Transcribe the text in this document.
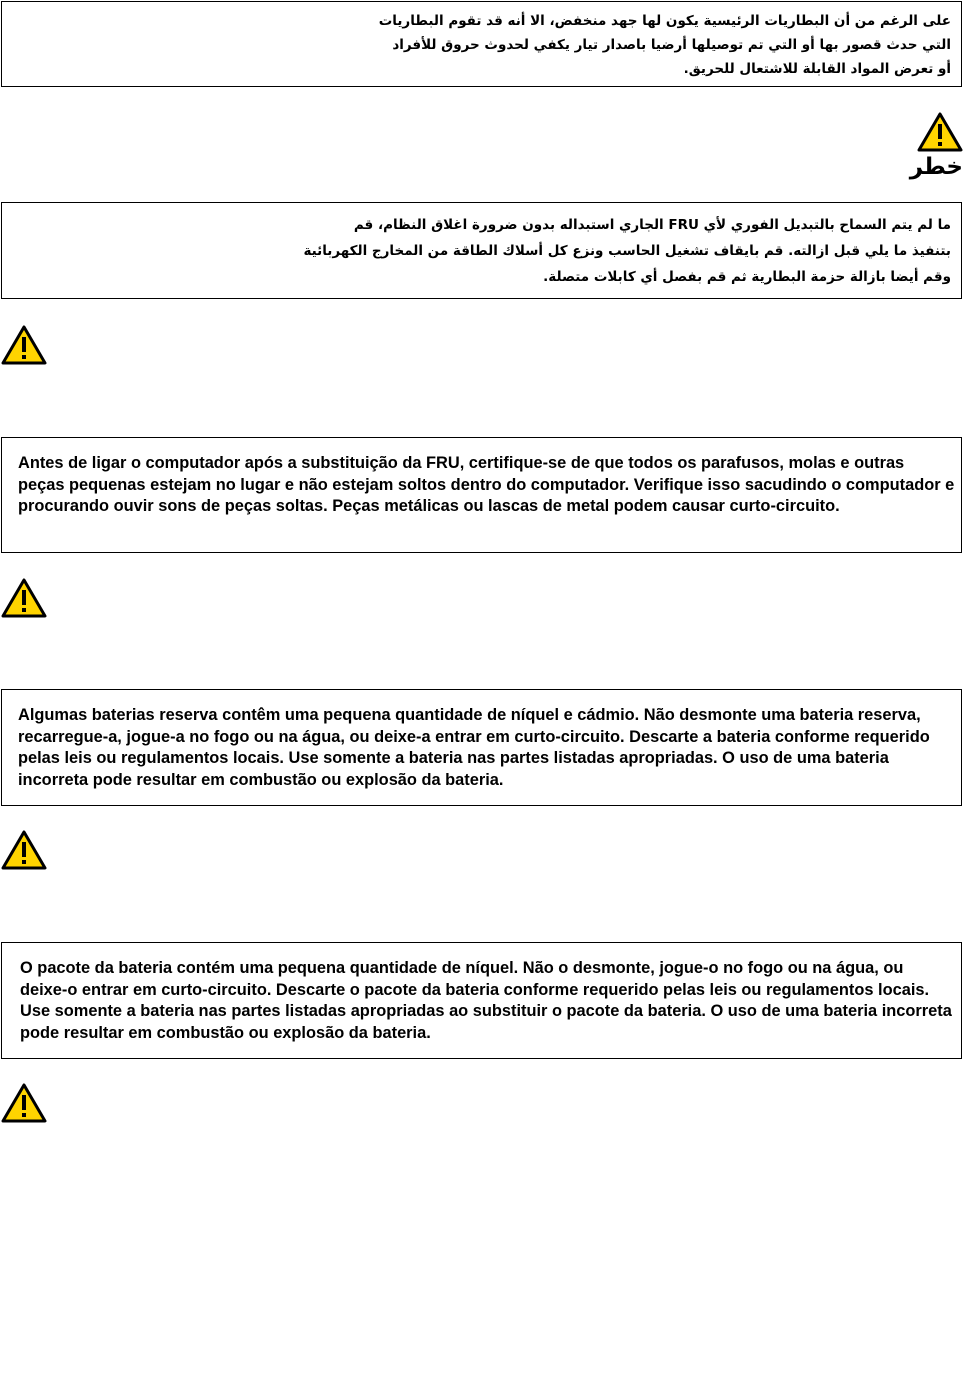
على الرغم من أن البطاريات الرئيسية يكون لها جهد منخفض، الا أنه قد تقوم البطاريات

التي حدث قصور بها أو التي تم توصيلها أرضيا باصدار تيار يكفي لحدوث حروق للأفراد

أو تعرض المواد القابلة للاشتعال للحريق.

خطر

ما لم يتم السماح بالتبديل الفوري لأي FRU الجاري استبداله بدون ضرورة اغلاق النظام، قم

بتنفيذ ما يلي قبل ازالته. قم بايقاف تشغيل الحاسب ونزع كل أسلاك الطاقة من المخارج الكهربائية

وقم أيضا بازالة حزمة البطارية ثم قم بفصل أي كابلات متصلة.

Antes de ligar o computador após a substituição da FRU, certifique-se de que todos os parafusos, molas e outras peças pequenas estejam no lugar e não estejam soltos dentro do computador. Verifique isso sacudindo o computador e procurando ouvir sons de peças soltas. Peças metálicas ou lascas de metal podem causar curto-circuito.

Algumas baterias reserva contêm uma pequena quantidade de níquel e cádmio. Não desmonte uma bateria reserva, recarregue-a, jogue-a no fogo ou na água, ou deixe-a entrar em curto-circuito. Descarte a bateria conforme requerido pelas leis ou regulamentos locais. Use somente a bateria nas partes listadas apropriadas. O uso de uma bateria incorreta pode resultar em combustão ou explosão da bateria.

O pacote da bateria contém uma pequena quantidade de níquel. Não o desmonte, jogue-o no fogo ou na água, ou deixe-o entrar em curto-circuito. Descarte o pacote da bateria conforme requerido pelas leis ou regulamentos locais. Use somente a bateria nas partes listadas apropriadas ao substituir o pacote da bateria. O uso de uma bateria incorreta pode resultar em combustão ou explosão da bateria.
